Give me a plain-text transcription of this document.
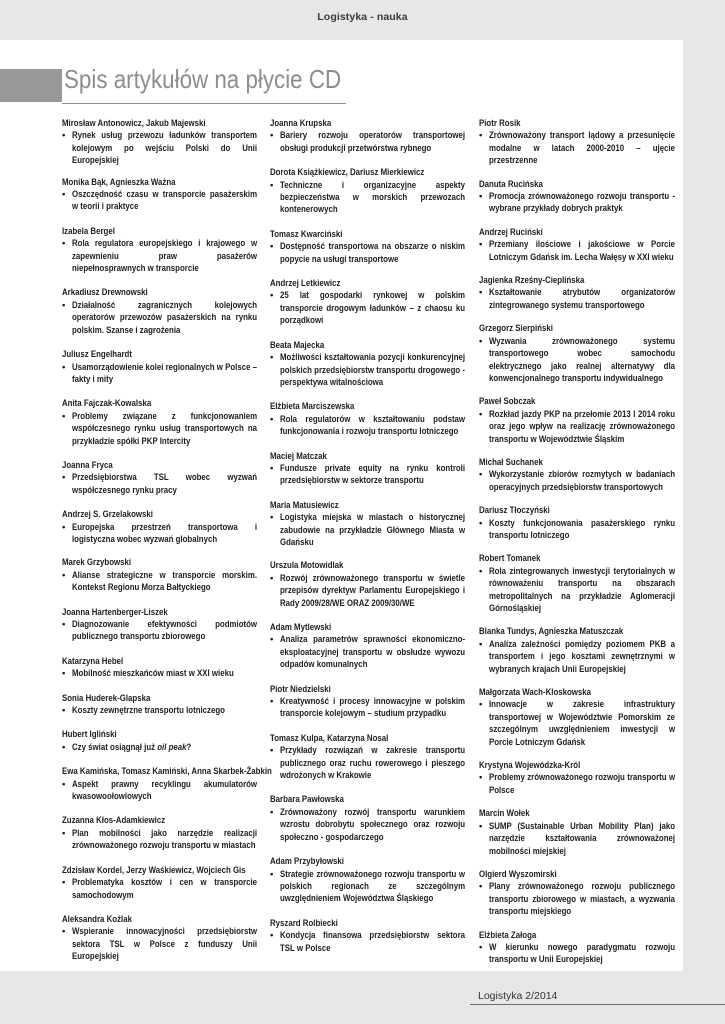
Logistyka - nauka
Spis artykułów na płycie CD
Mirosław Antonowicz, Jakub Majewski
• Rynek usług przewozu ładunków transportem kolejowym po wejściu Polski do Unii Europejskiej
Monika Bąk, Agnieszka Ważna
• Oszczędność czasu w transporcie pasażerskim w teorii i praktyce
Izabela Bergel
• Rola regulatora europejskiego i krajowego w zapewnieniu praw pasażerów niepełnosprawnych w transporcie
Arkadiusz Drewnowski
• Działalność zagranicznych kolejowych operatorów przewozów pasażerskich na rynku polskim. Szanse i zagrożenia
Juliusz Engelhardt
• Usamorządowienie kolei regionalnych w Polsce – fakty i mity
Anita Fajczak-Kowalska
• Problemy związane z funkcjonowaniem współczesnego rynku usług transportowych na przykładzie spółki PKP Intercity
Joanna Fryca
• Przedsiębiorstwa TSL wobec wyzwań współczesnego rynku pracy
Andrzej S. Grzelakowski
• Europejska przestrzeń transportowa i logistyczna wobec wyzwań globalnych
Marek Grzybowski
• Alianse strategiczne w transporcie morskim. Kontekst Regionu Morza Bałtyckiego
Joanna Hartenberger-Liszek
• Diagnozowanie efektywności podmiotów publicznego transportu zbiorowego
Katarzyna Hebel
• Mobilność mieszkańców miast w XXI wieku
Sonia Huderek-Glapska
• Koszty zewnętrzne transportu lotniczego
Hubert Igliński
• Czy świat osiągnął już oil peak?
Ewa Kamińska, Tomasz Kamiński, Anna Skarbek-Żabkin
• Aspekt prawny recyklingu akumulatorów kwasowoołowiowych
Zuzanna Kłos-Adamkiewicz
• Plan mobilności jako narzędzie realizacji zrównoważonego rozwoju transportu w miastach
Zdzisław Kordel, Jerzy Waśkiewicz, Wojciech Gis
• Problematyka kosztów i cen w transporcie samochodowym
Aleksandra Koźlak
• Wspieranie innowacyjności przedsiębiorstw sektora TSL w Polsce z funduszy Unii Europejskiej
Joanna Krupska
• Bariery rozwoju operatorów transportowej obsługi produkcji przetwórstwa rybnego
Dorota Książkiewicz, Dariusz Mierkiewicz
• Techniczne i organizacyjne aspekty bezpieczeństwa w morskich przewozach kontenerowych
Tomasz Kwarciński
• Dostępność transportowa na obszarze o niskim popycie na usługi transportowe
Andrzej Letkiewicz
• 25 lat gospodarki rynkowej w polskim transporcie drogowym ładunków – z chaosu ku porządkowi
Beata Majecka
• Możliwości kształtowania pozycji konkurencyjnej polskich przedsiębiorstw transportu drogowego - perspektywa witalnościowa
Elżbieta Marciszewska
• Rola regulatorów w kształtowaniu podstaw funkcjonowania i rozwoju transportu lotniczego
Maciej Matczak
• Fundusze private equity na rynku kontroli przedsiębiorstw w sektorze transportu
Maria Matusiewicz
• Logistyka miejska w miastach o historycznej zabudowie na przykładzie Głównego Miasta w Gdańsku
Urszula Motowidlak
• Rozwój zrównoważonego transportu w świetle przepisów dyrektyw Parlamentu Europejskiego i Rady 2009/28/WE ORAZ 2009/30/WE
Adam Mytlewski
• Analiza parametrów sprawności ekonomiczno-eksploatacyjnej transportu w obsłudze wywozu odpadów komunalnych
Piotr Niedzielski
• Kreatywność i procesy innowacyjne w polskim transporcie kolejowym – studium przypadku
Tomasz Kulpa, Katarzyna Nosal
• Przykłady rozwiązań w zakresie transportu publicznego oraz ruchu rowerowego i pieszego wdrożonych w Krakowie
Barbara Pawłowska
• Zrównoważony rozwój transportu warunkiem wzrostu dobrobytu społecznego oraz rozwoju społeczno - gospodarczego
Adam Przybyłowski
• Strategie zrównoważonego rozwoju transportu w polskich regionach ze szczególnym uwzględnieniem Województwa Śląskiego
Ryszard Rolbiecki
• Kondycja finansowa przedsiębiorstw sektora TSL w Polsce
Piotr Rosik
• Zrównoważony transport lądowy a przesunięcie modalne w latach 2000-2010 – ujęcie przestrzenne
Danuta Rucińska
• Promocja zrównoważonego rozwoju transportu - wybrane przykłady dobrych praktyk
Andrzej Ruciński
• Przemiany ilościowe i jakościowe w Porcie Lotniczym Gdańsk im. Lecha Wałęsy w XXI wieku
Jagienka Rześny-Cieplińska
• Kształtowanie atrybutów organizatorów zintegrowanego systemu transportowego
Grzegorz Sierpiński
• Wyzwania zrównoważonego systemu transportowego wobec samochodu elektrycznego jako realnej alternatywy dla konwencjonalnego transportu indywidualnego
Paweł Sobczak
• Rozkład jazdy PKP na przełomie 2013 I 2014 roku oraz jego wpływ na realizację zrównoważonego transportu w Województwie Śląskim
Michał Suchanek
• Wykorzystanie zbiorów rozmytych w badaniach operacyjnych przedsiębiorstw transportowych
Dariusz Tłoczyński
• Koszty funkcjonowania pasażerskiego rynku transportu lotniczego
Robert Tomanek
• Rola zintegrowanych inwestycji terytorialnych w równoważeniu transportu na obszarach metropolitalnych na przykładzie Aglomeracji Górnośląskiej
Blanka Tundys, Agnieszka Matuszczak
• Analiza zależności pomiędzy poziomem PKB a transportem i jego kosztami zewnętrznymi w wybranych krajach Unii Europejskiej
Małgorzata Wach-Kloskowska
• Innowacje w zakresie infrastruktury transportowej w Województwie Pomorskim ze szczególnym uwzględnieniem inwestycji w Porcie Lotniczym Gdańsk
Krystyna Wojewódzka-Król
• Problemy zrównoważonego rozwoju transportu w Polsce
Marcin Wołek
• SUMP (Sustainable Urban Mobility Plan) jako narzędzie kształtowania zrównoważonej mobilności miejskiej
Olgierd Wyszomirski
• Plany zrównoważonego rozwoju publicznego transportu zbiorowego w miastach, a wyzwania transportu miejskiego
Elżbieta Załoga
• W kierunku nowego paradygmatu rozwoju transportu w Unii Europejskiej
Logistyka 2/2014
